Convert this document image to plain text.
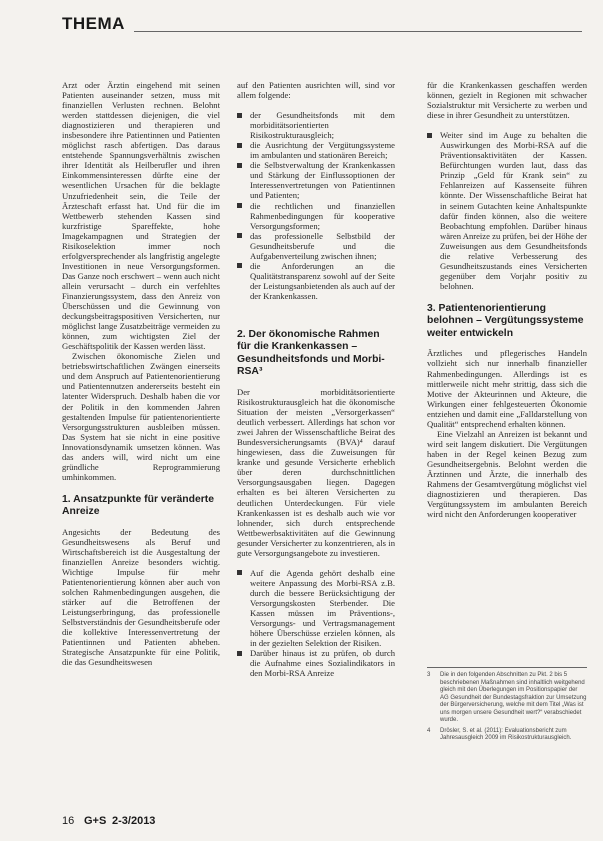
THEMA

Arzt oder Ärztin eingehend mit seinen Patienten auseinander setzen, muss mit finanziellen Verlusten rechnen. Belohnt werden stattdessen diejenigen, die viel diagnostizieren und therapieren und insbesondere ihre Patientinnen und Patienten möglichst rasch abfertigen. Das daraus entstehende Spannungsverhältnis zwischen ihrer Identität als Heilberufler und ihren Einkommensinteressen dürfte eine der wesentlichen Ursachen für die beklagte Unzufriedenheit sein, die Teile der Ärzteschaft erfasst hat. Und für die im Wettbewerb stehenden Kassen sind kurzfristige Spareffekte, hohe Imagekampagnen und Strategien der Risikoselektion immer noch erfolgversprechender als langfristig angelegte Investitionen in neue Versorgungsformen. Das Ganze noch erschwert – wenn auch nicht allein verursacht – durch ein verfehltes Finanzierungssystem, dass den Anreiz von Überschüssen und die Gewinnung von deckungsbeitragspositiven Versicherten, nur möglichst lange Zusatzbeiträge vermeiden zu können, zum wichtigsten Ziel der Geschäftspolitik der Kassen werden lässt.

Zwischen ökonomische Zielen und betriebswirtschaftlichen Zwängen einerseits und dem Anspruch auf Patientenorientierung und Patientennutzen andererseits besteht ein latenter Widerspruch. Deshalb haben die vor der Politik in den kommenden Jahren gestaltenden Impulse für patientenorientierte Versorgungsstrukturen ausbleiben müssen. Das System hat sie nicht in eine positive Innovationsdynamik umsetzen können. Was das anders will, wird nicht um eine gründliche Reprogrammierung umhinkommen.

1. Ansatzpunkte für veränderte Anreize

Angesichts der Bedeutung des Gesundheitswesens als Beruf und Wirtschaftsbereich ist die Ausgestaltung der finanziellen Anreize besonders wichtig. Wichtige Impulse für mehr Patientenorientierung können aber auch von solchen Rahmenbedingungen ausgehen, die stärker auf die Betroffenen der Leistungserbringung, das professionelle Selbstverständnis der Gesundheitsberufe oder die kollektive Interessenvertretung der Patientinnen und Patienten abheben. Strategische Ansatzpunkte für eine Politik, die das Gesundheitswesen

auf den Patienten ausrichten will, sind vor allem folgende:

der Gesundheitsfonds mit dem morbiditätsorientierten Risikostrukturausgleich;
die Ausrichtung der Vergütungssysteme im ambulanten und stationären Bereich;
die Selbstverwaltung der Krankenkassen und Stärkung der Einflussoptionen der Interessenvertretungen von Patientinnen und Patienten;
die rechtlichen und finanziellen Rahmenbedingungen für kooperative Versorgungsformen;
das professionelle Selbstbild der Gesundheitsberufe und die Aufgabenverteilung zwischen ihnen;
die Anforderungen an die Qualitätstransparenz sowohl auf der Seite der Leistungsanbietenden als auch auf der der Krankenkassen.
2. Der ökonomische Rahmen für die Krankenkassen – Gesundheitsfonds und Morbi-RSA³

Der morbiditätsorientierte Risikostrukturausgleich hat die ökonomische Situation der meisten „Versorgerkassen“ deutlich verbessert. Allerdings hat schon vor zwei Jahren der Wissenschaftliche Beirat des Bundesversicherungsamts (BVA)⁴ darauf hingewiesen, dass die Zuweisungen für kranke und gesunde Versicherte erheblich über deren durchschnittlichen Versorgungsausgaben liegen. Dagegen erhalten es bei älteren Versicherten zu deutlichen Unterdeckungen. Für viele Krankenkassen ist es deshalb auch wie vor lohnender, sich durch entsprechende Wettbewerbsaktivitäten auf die Gewinnung gesunder Versicherter zu konzentrieren, als in gute Versorgungsangebote zu investieren.

Auf die Agenda gehört deshalb eine weitere Anpassung des Morbi-RSA z.B. durch die bessere Berücksichtigung der Versorgungskosten Sterbender. Die Kassen müssen im Präventions-, Versorgungs- und Vertragsmanagement höhere Überschüsse erzielen können, als in der gezielten Selektion der Risiken.
Darüber hinaus ist zu prüfen, ob durch die Aufnahme eines Sozialindikators in den Morbi-RSA Anreize

für die Krankenkassen geschaffen werden können, gezielt in Regionen mit schwacher Sozialstruktur mit Versicherte zu werben und diese in ihrer Gesundheit zu unterstützen.

Weiter sind im Auge zu behalten die Auswirkungen des Morbi-RSA auf die Präventionsaktivitäten der Kassen. Befürchtungen wurden laut, dass das Prinzip „Geld für Krank sein“ zu Fehlanreizen auf Kassenseite führen könnte. Der Wissenschaftliche Beirat hat in seinem Gutachten keine Anhaltspunkte dafür finden können, also die weitere Beobachtung empfohlen. Darüber hinaus wären Anreize zu prüfen, bei der Höhe der Zuweisungen aus dem Gesundheitsfonds die relative Verbesserung des Gesundheitszustands eines Versicherten gegenüber dem Vorjahr positiv zu belohnen.
3. Patientenorientierung belohnen – Vergütungssysteme weiter entwickeln

Ärztliches und pflegerisches Handeln vollzieht sich nur innerhalb finanzieller Rahmenbedingungen. Allerdings ist es mittlerweile nicht mehr strittig, dass sich die Motive der Akteurinnen und Akteure, die Wirkungen einer fehlgesteuerten Ökonomie entziehen und damit eine „Falldarstellung von Qualität“ entsprechend erhalten können.

Eine Vielzahl an Anreizen ist bekannt und wird seit langem diskutiert. Die Vergütungen haben in der Regel keinen Bezug zum Gesundheitsergebnis. Belohnt werden die Ärztinnen und Ärzte, die innerhalb des Rahmens der Gesamtvergütung möglichst viel diagnostizieren und therapieren. Das Vergütungssystem im ambulanten Bereich wird nicht den Anforderungen kooperativer

3	Die in den folgenden Abschnitten zu Pkt. 2 bis 5 beschriebenen Maßnahmen sind inhaltlich weitgehend gleich mit den Überlegungen im Positionspapier der AG Gesundheit der Bundestagsfraktion zur Umsetzung der Bürgerversicherung, welche mit dem Titel „Was ist uns morgen unsere Gesundheit wert?“ verabschiedet wurde.
4	Drösler, S. et al. (2011): Evaluationsbericht zum Jahresausgleich 2009 im Risikostrukturausgleich.
16 G+S 2-3/2013
